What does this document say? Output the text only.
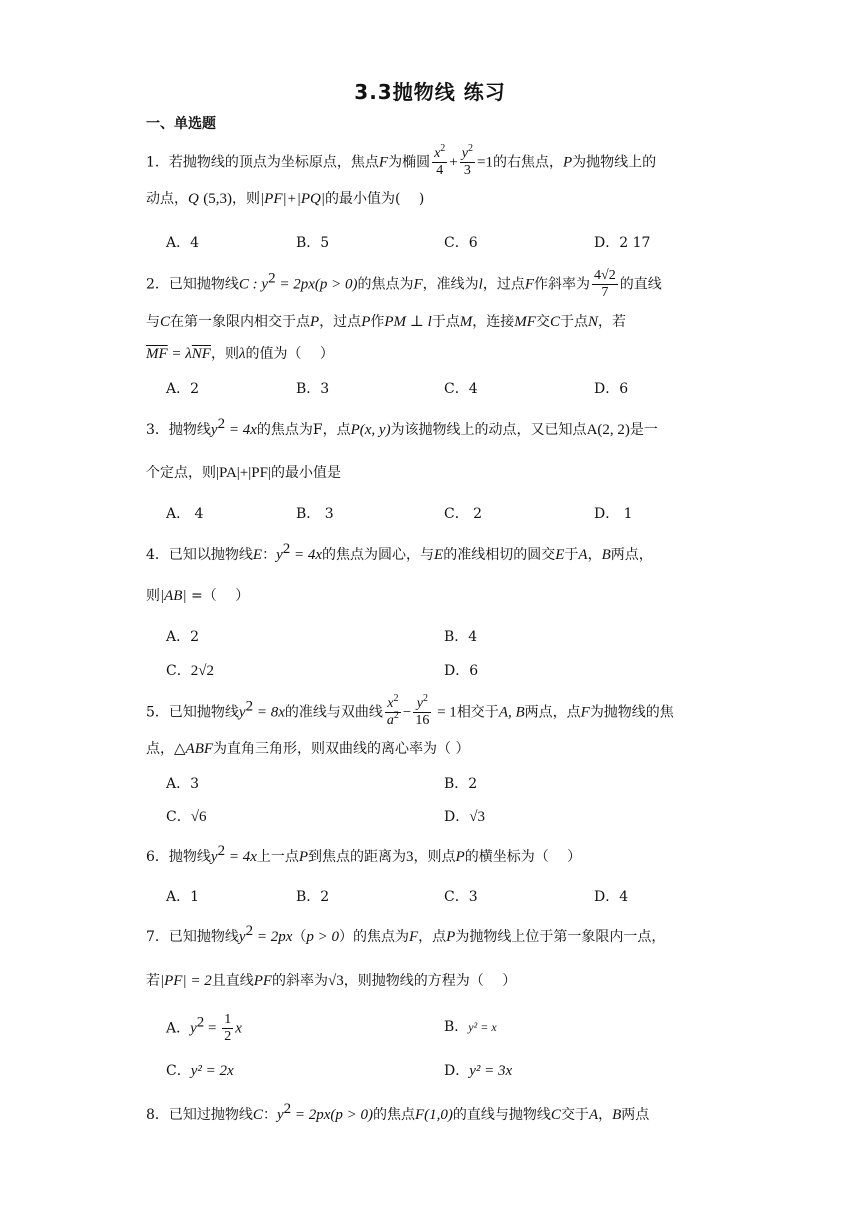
3.3抛物线 练习
一、单选题
1．若抛物线的顶点为坐标原点，焦点F为椭圆 $\frac{x^2}{4} + \frac{y^2}{3} =1$的右焦点，P为抛物线上的
动点，Q (5,3)，则|PF|+|PQ|的最小值为(　 )
A．4	B．5	C．6	D．2 17
2．已知抛物线C : $y^2 = 2px(p > 0)$的焦点为F，准线为l，过点F作斜率为 $\frac{4√2}{7}$ 的直线
与C在第一象限内相交于点P，过点P作PM ⊥ l于点M，连接MF交C于点N，若
$\overline{MF} = \lambda\overline{NF}$，则λ的值为（　 ）
A．2	B．3	C．4	D．6
3．抛物线$y^2 = 4x$的焦点为F，点P(x, y)为该抛物线上的动点，又已知点A(2, 2)是一
个定点，则|PA|+|PF|的最小值是
A． 4	B． 3	C． 2	D． 1
4．已知以抛物线E：$y^2 = 4x$的焦点为圆心，与E的准线相切的圆交E于A，B两点，
则|AB| =（　 ）
A．2	B．4
C．2√2	D．6
5．已知抛物线$y^2 = 8x$的准线与双曲线 $\frac{x^2}{a^2} - \frac{y^2}{16} = 1$相交于A, B两点，点F为抛物线的焦
点，△ABF为直角三角形，则双曲线的离心率为（ ）
A．3	B．2
C．√6	D．√3
6．抛物线$y^2 = 4x$上一点P到焦点的距离为3，则点P的横坐标为（　 ）
A．1	B．2	C．3	D．4
7．已知抛物线$y^2 = 2px(p > 0)$的焦点为F，点P为抛物线上位于第一象限内一点，
若|PF| = 2且直线PF的斜率为√3，则抛物线的方程为（　 ）
A．$y^2 = \frac{1}{2}$ x	B．y² = x
C．y² = 2x	D．y² = 3x
8．已知过抛物线C：$y^2 = 2px(p > 0)$的焦点F(1,0)的直线与抛物线C交于A，B两点
